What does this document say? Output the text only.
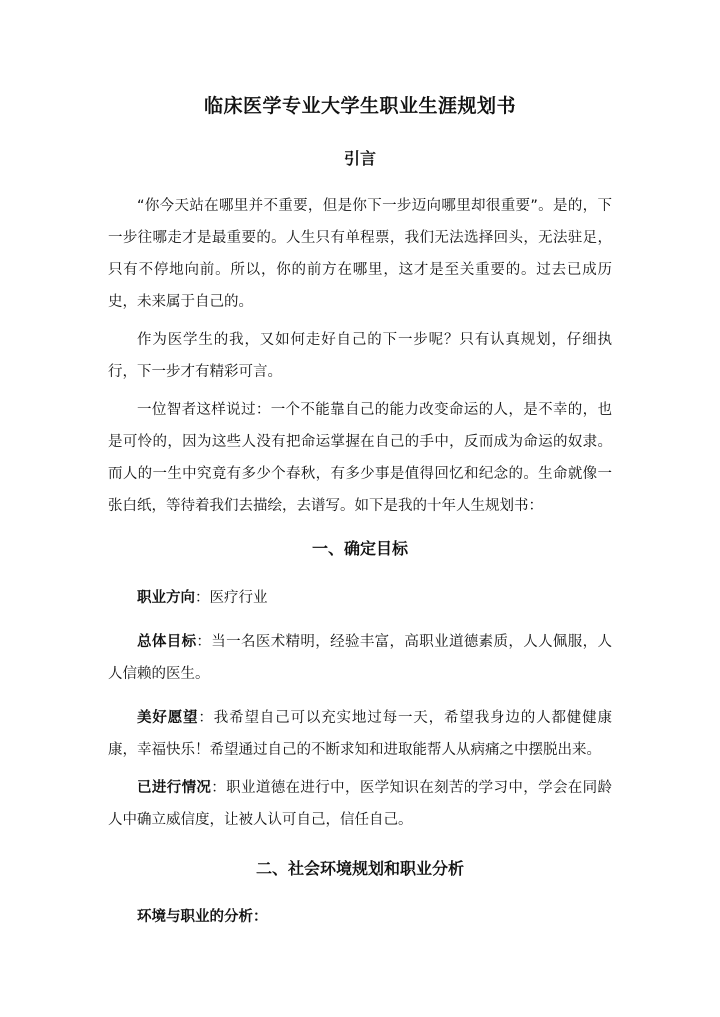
临床医学专业大学生职业生涯规划书
引言

“你今天站在哪里并不重要，但是你下一步迈向哪里却很重要”。是的，下一步往哪走才是最重要的。人生只有单程票，我们无法选择回头，无法驻足，只有不停地向前。所以，你的前方在哪里，这才是至关重要的。过去已成历史，未来属于自己的。

作为医学生的我，又如何走好自己的下一步呢？只有认真规划，仔细执行，下一步才有精彩可言。

一位智者这样说过：一个不能靠自己的能力改变命运的人，是不幸的，也是可怜的，因为这些人没有把命运掌握在自己的手中，反而成为命运的奴隶。而人的一生中究竟有多少个春秋，有多少事是值得回忆和纪念的。生命就像一张白纸，等待着我们去描绘，去谱写。如下是我的十年人生规划书：

一、确定目标

职业方向：医疗行业

总体目标：当一名医术精明，经验丰富，高职业道德素质，人人佩服，人人信赖的医生。

美好愿望：我希望自己可以充实地过每一天，希望我身边的人都健健康康，幸福快乐！希望通过自己的不断求知和进取能帮人从病痛之中摆脱出来。

已进行情况：职业道德在进行中，医学知识在刻苦的学习中，学会在同龄人中确立威信度，让被人认可自己，信任自己。

二、社会环境规划和职业分析
环境与职业的分析：
